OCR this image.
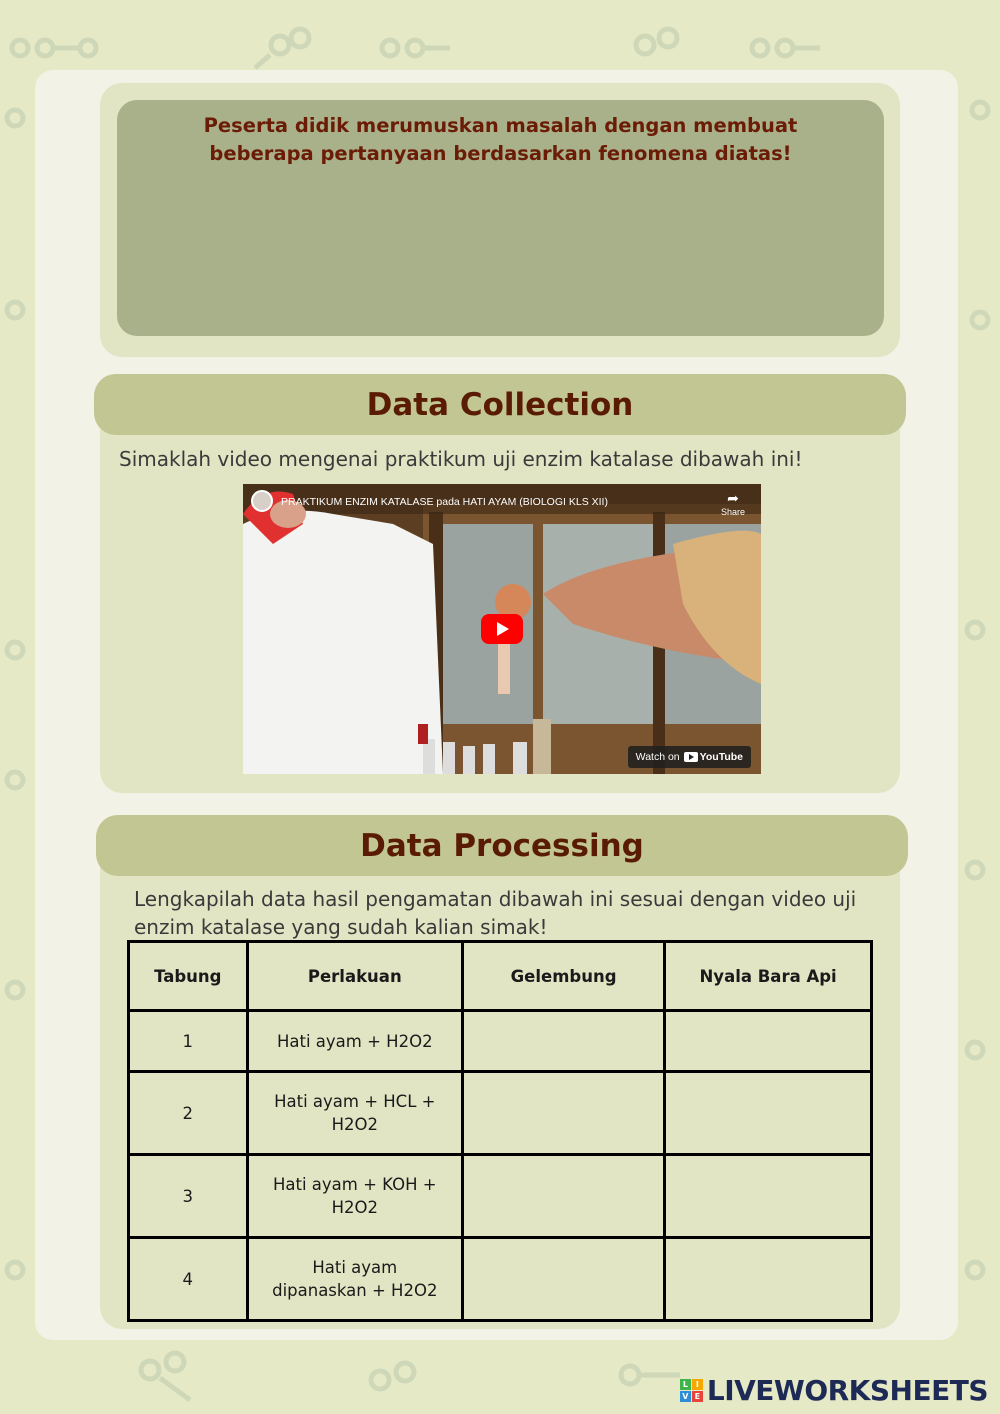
Peserta didik merumuskan masalah dengan membuat beberapa pertanyaan berdasarkan fenomena diatas!

Data Collection

Simaklah video mengenai praktikum uji enzim katalase dibawah ini!

PRAKTIKUM ENZIM KATALASE pada HATI AYAM (BIOLOGI KLS XII)	➦
Share
Watch on YouTube
Data Processing

Lengkapilah data hasil pengamatan dibawah ini sesuai dengan video uji enzim katalase yang sudah kalian simak!

Tabung	Perlakuan	Gelembung	Nyala Bara Api
1	Hati ayam + H2O2		
2	Hati ayam + HCL + H2O2		
3	Hati ayam + KOH + H2O2		
4	Hati ayam dipanaskan + H2O2		
L I
V E LIVEWORKSHEETS
